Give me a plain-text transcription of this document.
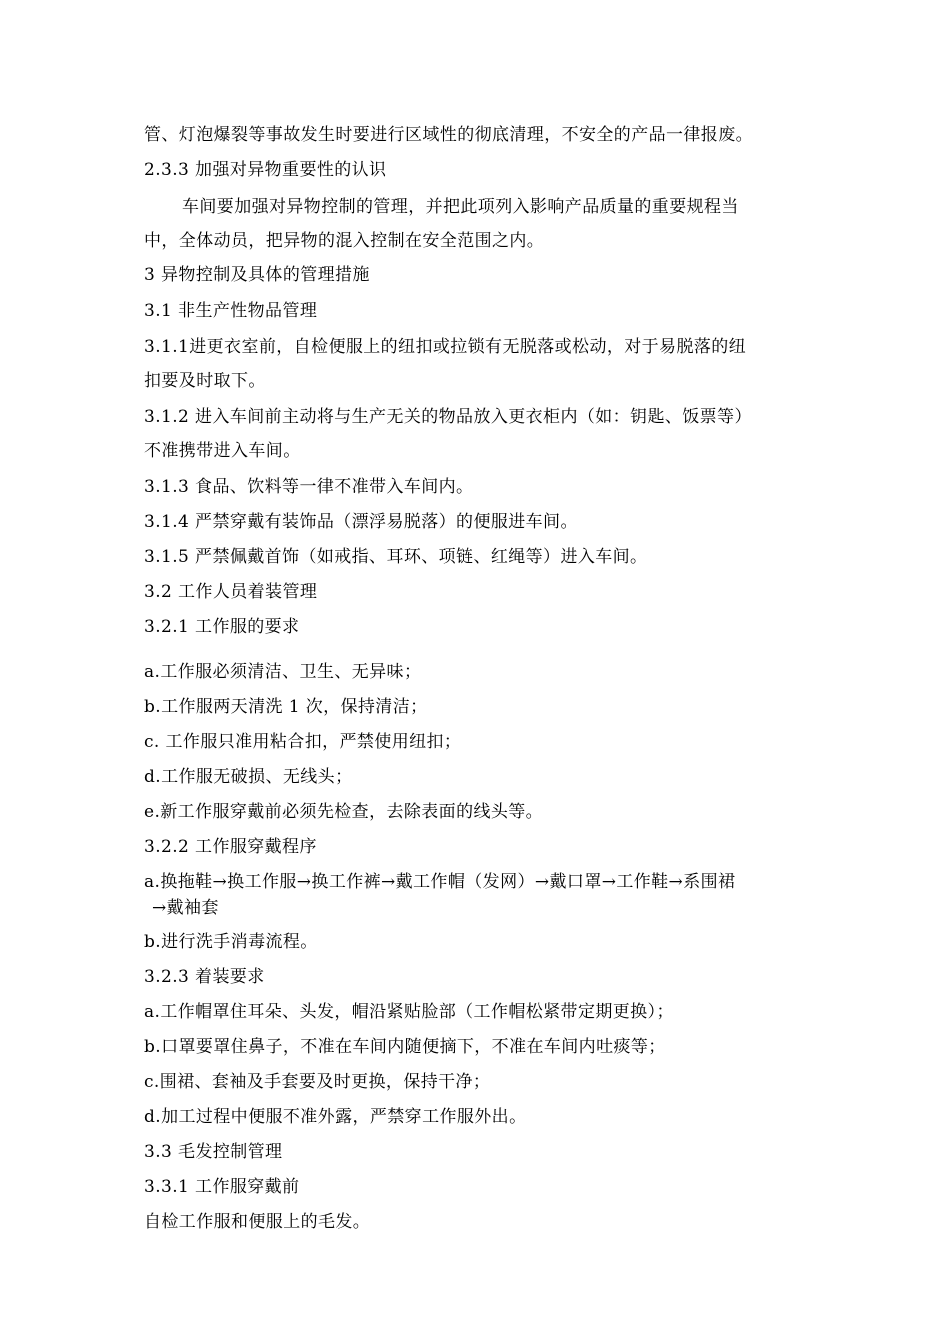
管、灯泡爆裂等事故发生时要进行区域性的彻底清理，不安全的产品一律报废。
2.3.3 加强对异物重要性的认识
车间要加强对异物控制的管理，并把此项列入影响产品质量的重要规程当
中，全体动员，把异物的混入控制在安全范围之内。
3 异物控制及具体的管理措施
3.1 非生产性物品管理
3.1.1进更衣室前，自检便服上的纽扣或拉锁有无脱落或松动，对于易脱落的纽
扣要及时取下。
3.1.2 进入车间前主动将与生产无关的物品放入更衣柜内（如：钥匙、饭票等）
不准携带进入车间。
3.1.3 食品、饮料等一律不准带入车间内。
3.1.4 严禁穿戴有装饰品（漂浮易脱落）的便服进车间。
3.1.5 严禁佩戴首饰（如戒指、耳环、项链、红绳等）进入车间。
3.2 工作人员着装管理
3.2.1 工作服的要求
a.工作服必须清洁、卫生、无异味；
b.工作服两天清洗 1 次，保持清洁；
c. 工作服只准用粘合扣，严禁使用纽扣；
d.工作服无破损、无线头；
e.新工作服穿戴前必须先检查，去除表面的线头等。
3.2.2 工作服穿戴程序
a.换拖鞋→换工作服→换工作裤→戴工作帽（发网）→戴口罩→工作鞋→系围裙
→戴袖套
b.进行洗手消毒流程。
3.2.3 着装要求
a.工作帽罩住耳朵、头发，帽沿紧贴脸部（工作帽松紧带定期更换）；
b.口罩要罩住鼻子，不准在车间内随便摘下，不准在车间内吐痰等；
c.围裙、套袖及手套要及时更换，保持干净；
d.加工过程中便服不准外露，严禁穿工作服外出。
3.3 毛发控制管理
3.3.1 工作服穿戴前
自检工作服和便服上的毛发。
